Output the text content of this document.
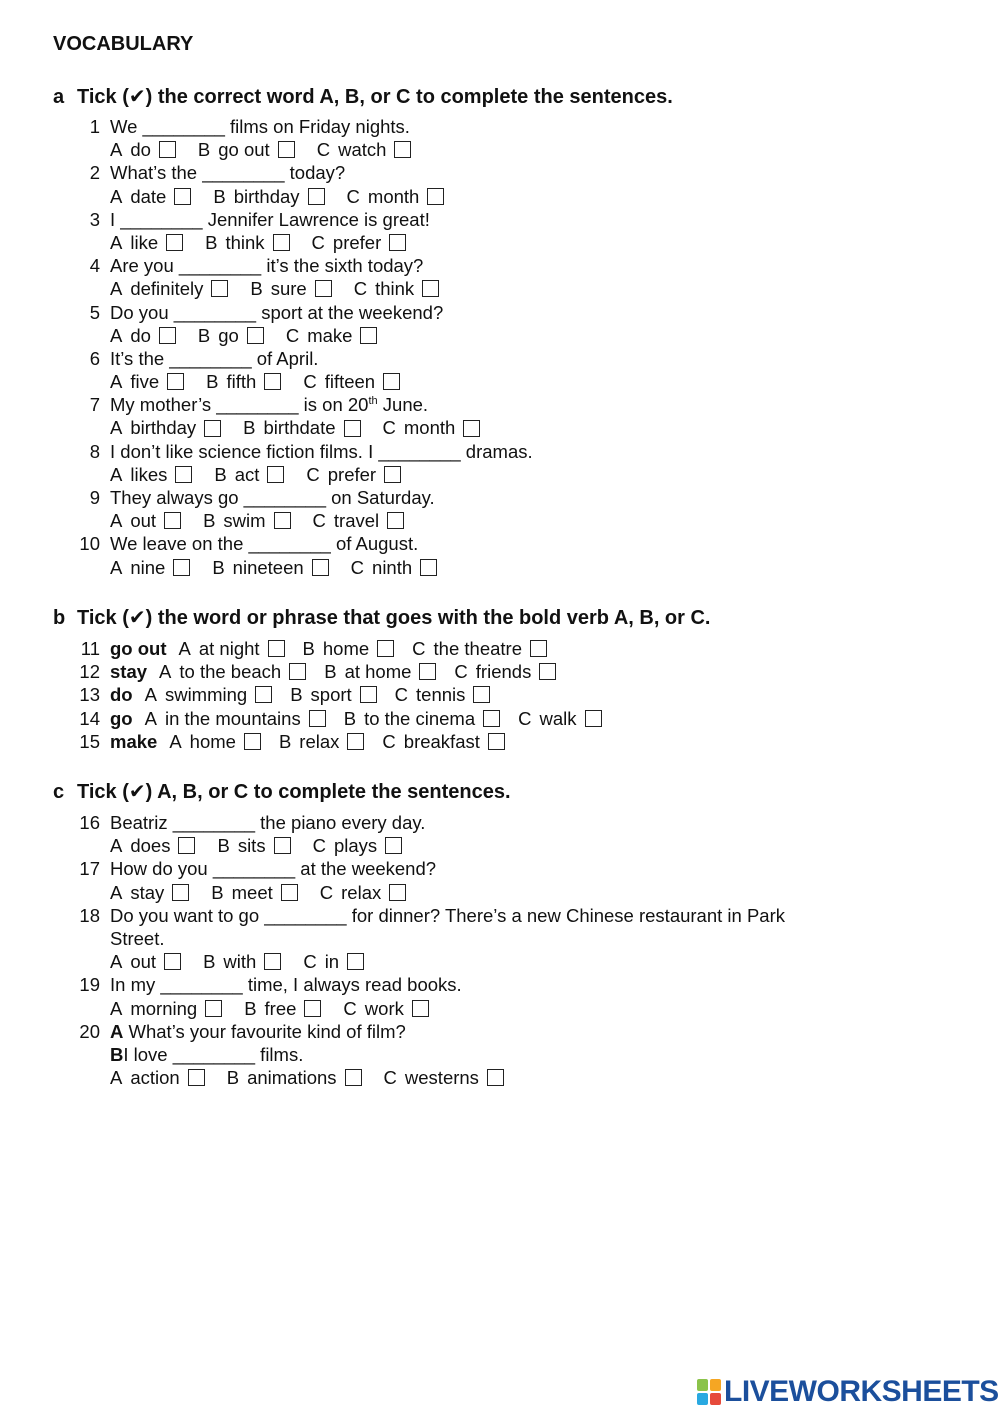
VOCABULARY
a Tick (✔) the correct word A, B, or C to complete the sentences.
1 We ________ films on Friday nights.
A do	B go out	C watch
2 What’s the ________ today?
A date	B birthday	C month
3 I ________ Jennifer Lawrence is great!
A like	B think	C prefer
4 Are you ________ it’s the sixth today?
A definitely	B sure	C think
5 Do you ________ sport at the weekend?
A do	B go	C make
6 It’s the ________ of April.
A five	B fifth	C fifteen
7 My mother’s ________ is on 20th June.
A birthday	B birthdate	C month
8 I don’t like science fiction films. I ________ dramas.
A likes	B act	C prefer
9 They always go ________ on Saturday.
A out	B swim	C travel
10 We leave on the ________ of August.
A nine	B nineteen	C ninth
b Tick (✔) the word or phrase that goes with the bold verb A, B, or C.
11 go out A at night B home C the theatre
12 stay A to the beach B at home C friends
13 do A swimming B sport C tennis
14 go A in the mountains B to the cinema C walk
15 make A home B relax C breakfast
c Tick (✔) A, B, or C to complete the sentences.
16 Beatriz ________ the piano every day.
A does	B sits	C plays
17 How do you ________ at the weekend?
A stay	B meet	C relax
18 Do you want to go ________ for dinner? There’s a new Chinese restaurant in Park
Street.
A out	B with	C in
19 In my ________ time, I always read books.
A morning	B free	C work
20 A What’s your favourite kind of film?
B I love ________ films.
A action	B animations	C westerns
LIVEWORKSHEETS
